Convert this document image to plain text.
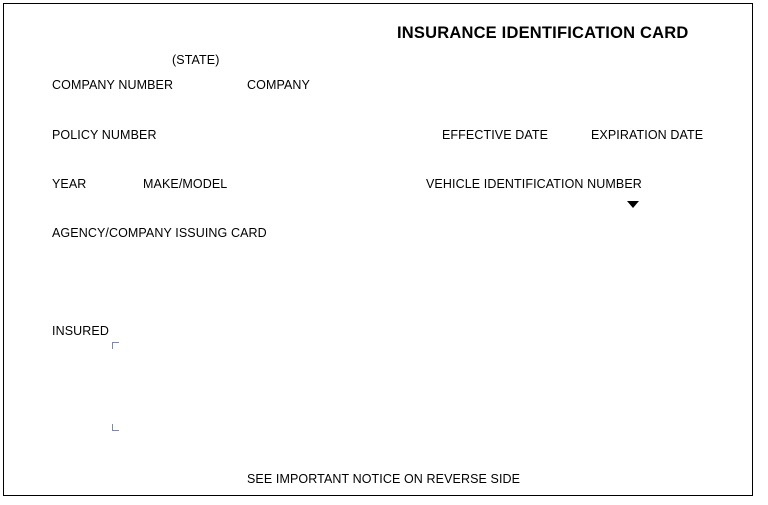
INSURANCE IDENTIFICATION CARD
(STATE)
COMPANY NUMBER	COMPANY
POLICY NUMBER	EFFECTIVE DATE	EXPIRATION DATE
YEAR	MAKE/MODEL	VEHICLE IDENTIFICATION NUMBER
AGENCY/COMPANY ISSUING CARD
INSURED
SEE IMPORTANT NOTICE ON REVERSE SIDE
